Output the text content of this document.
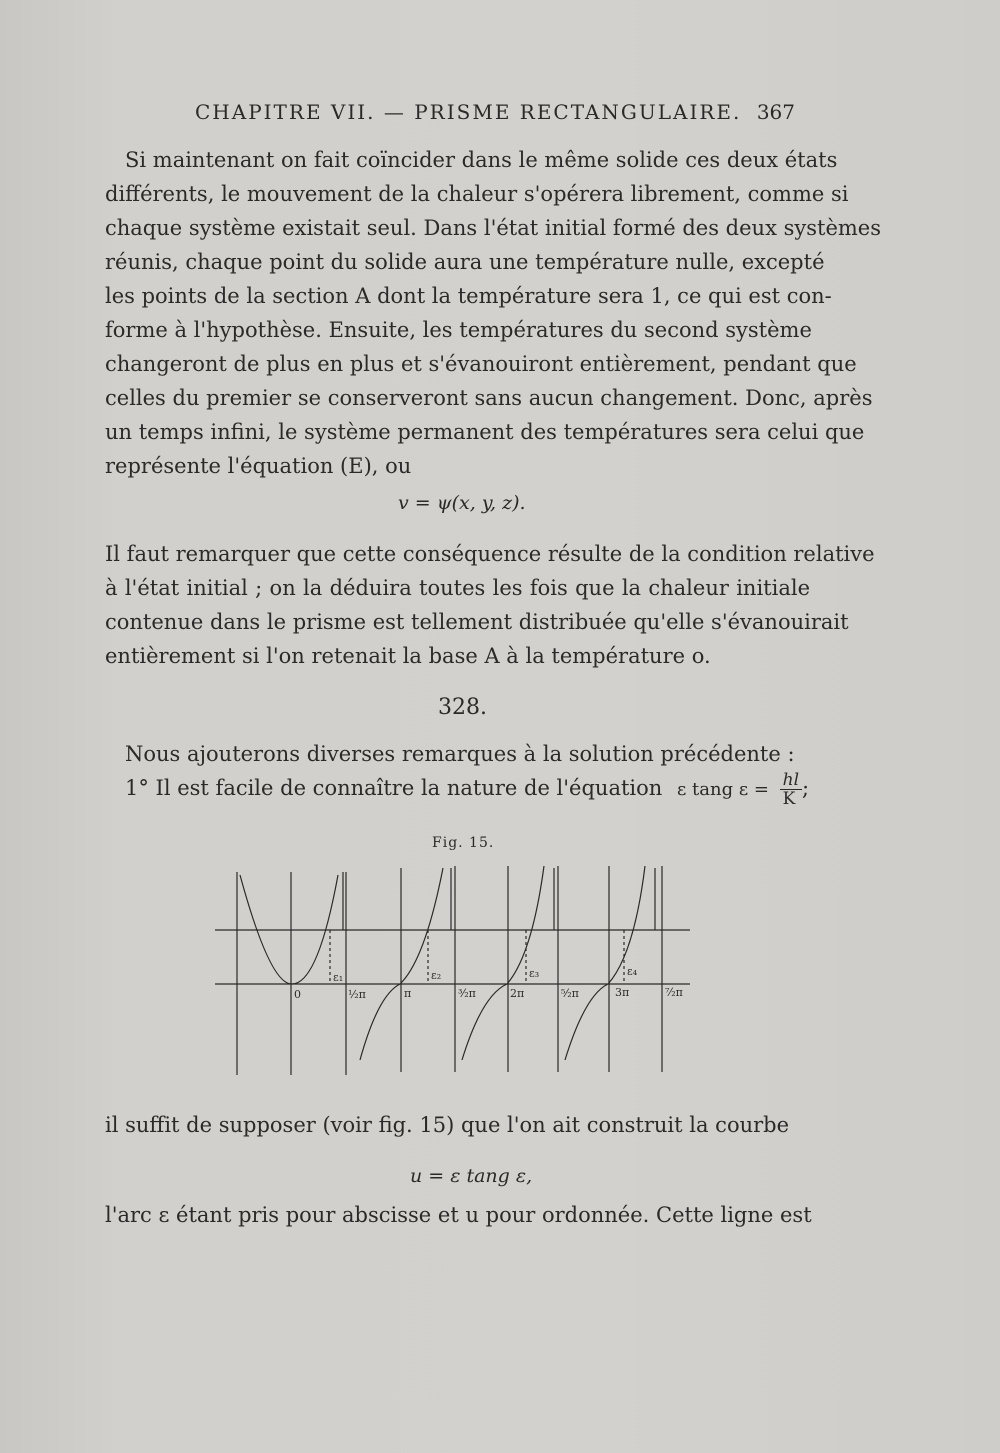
CHAPITRE VII. — PRISME RECTANGULAIRE. 367
Si maintenant on fait coïncider dans le même solide ces deux états
différents, le mouvement de la chaleur s'opérera librement, comme si
chaque système existait seul. Dans l'état initial formé des deux systèmes
réunis, chaque point du solide aura une température nulle, excepté
les points de la section A dont la température sera 1, ce qui est con-
forme à l'hypothèse. Ensuite, les températures du second système
changeront de plus en plus et s'évanouiront entièrement, pendant que
celles du premier se conserveront sans aucun changement. Donc, après
un temps infini, le système permanent des températures sera celui que
représente l'équation (E), ou
v = ψ(x, y, z).
Il faut remarquer que cette conséquence résulte de la condition relative
à l'état initial ; on la déduira toutes les fois que la chaleur initiale
contenue dans le prisme est tellement distribuée qu'elle s'évanouirait
entièrement si l'on retenait la base A à la température o.
328.
Nous ajouterons diverses remarques à la solution précédente :
1° Il est facile de connaître la nature de l'équation ε tang $\varepsilon = \frac{hl}{K}$ ;
Fig. 15.
0	½π	π	³⁄₂π	2π	⁵⁄₂π	3π	⁷⁄₂π
ε₁	ε₂	ε₃	ε₄
il suffit de supposer (voir fig. 15) que l'on ait construit la courbe
u = ε tang ε,
l'arc ε étant pris pour abscisse et u pour ordonnée. Cette ligne est
